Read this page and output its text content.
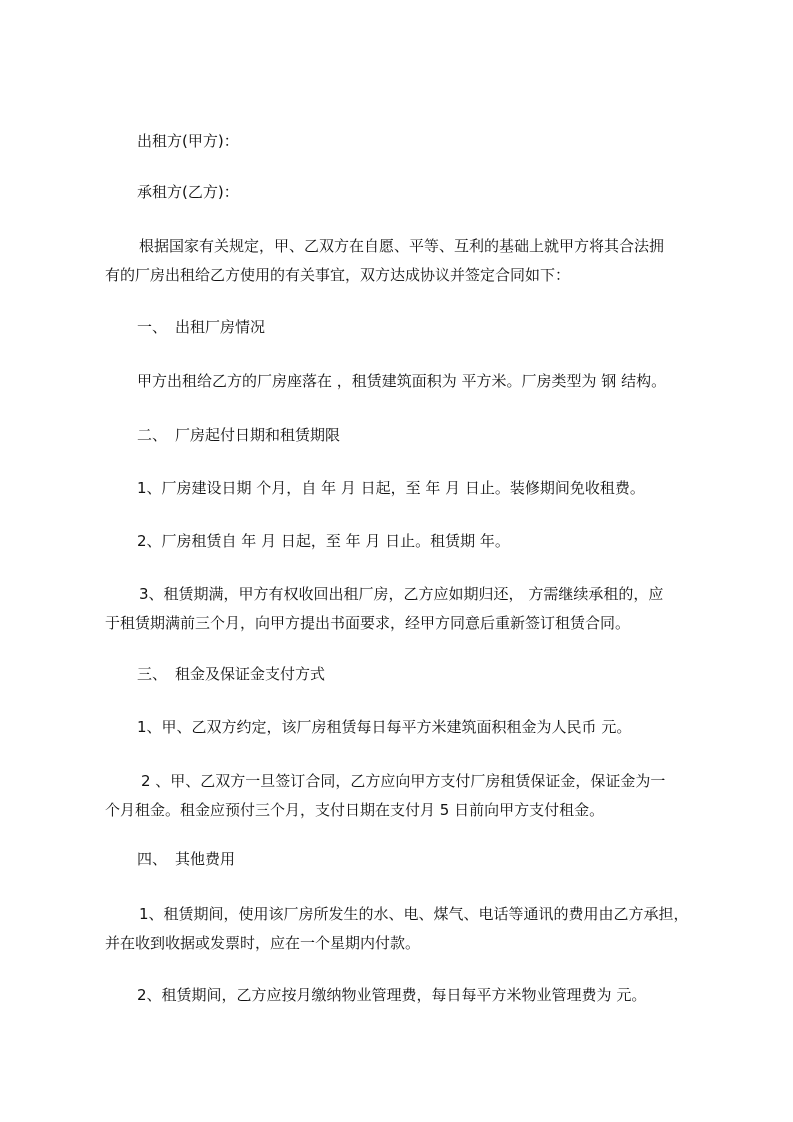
出租方(甲方)：
承租方(乙方)：
根据国家有关规定，甲、乙双方在自愿、平等、互利的基础上就甲方将其合法拥
有的厂房出租给乙方使用的有关事宜，双方达成协议并签定合同如下：
一、 出租厂房情况
甲方出租给乙方的厂房座落在 ，租赁建筑面积为 平方米。厂房类型为 钢 结构。
二、 厂房起付日期和租赁期限
1、厂房建设日期 个月，自 年 月 日起，至 年 月 日止。装修期间免收租费。
2、厂房租赁自 年 月 日起，至 年 月 日止。租赁期 年。
3、租赁期满，甲方有权收回出租厂房，乙方应如期归还， 方需继续承租的，应
于租赁期满前三个月，向甲方提出书面要求，经甲方同意后重新签订租赁合同。
三、 租金及保证金支付方式
1、甲、乙双方约定，该厂房租赁每日每平方米建筑面积租金为人民币 元。
2 、甲、乙双方一旦签订合同，乙方应向甲方支付厂房租赁保证金，保证金为一
个月租金。租金应预付三个月，支付日期在支付月 5 日前向甲方支付租金。
四、 其他费用
1、租赁期间，使用该厂房所发生的水、电、煤气、电话等通讯的费用由乙方承担，
并在收到收据或发票时，应在一个星期内付款。
2、租赁期间，乙方应按月缴纳物业管理费，每日每平方米物业管理费为 元。
